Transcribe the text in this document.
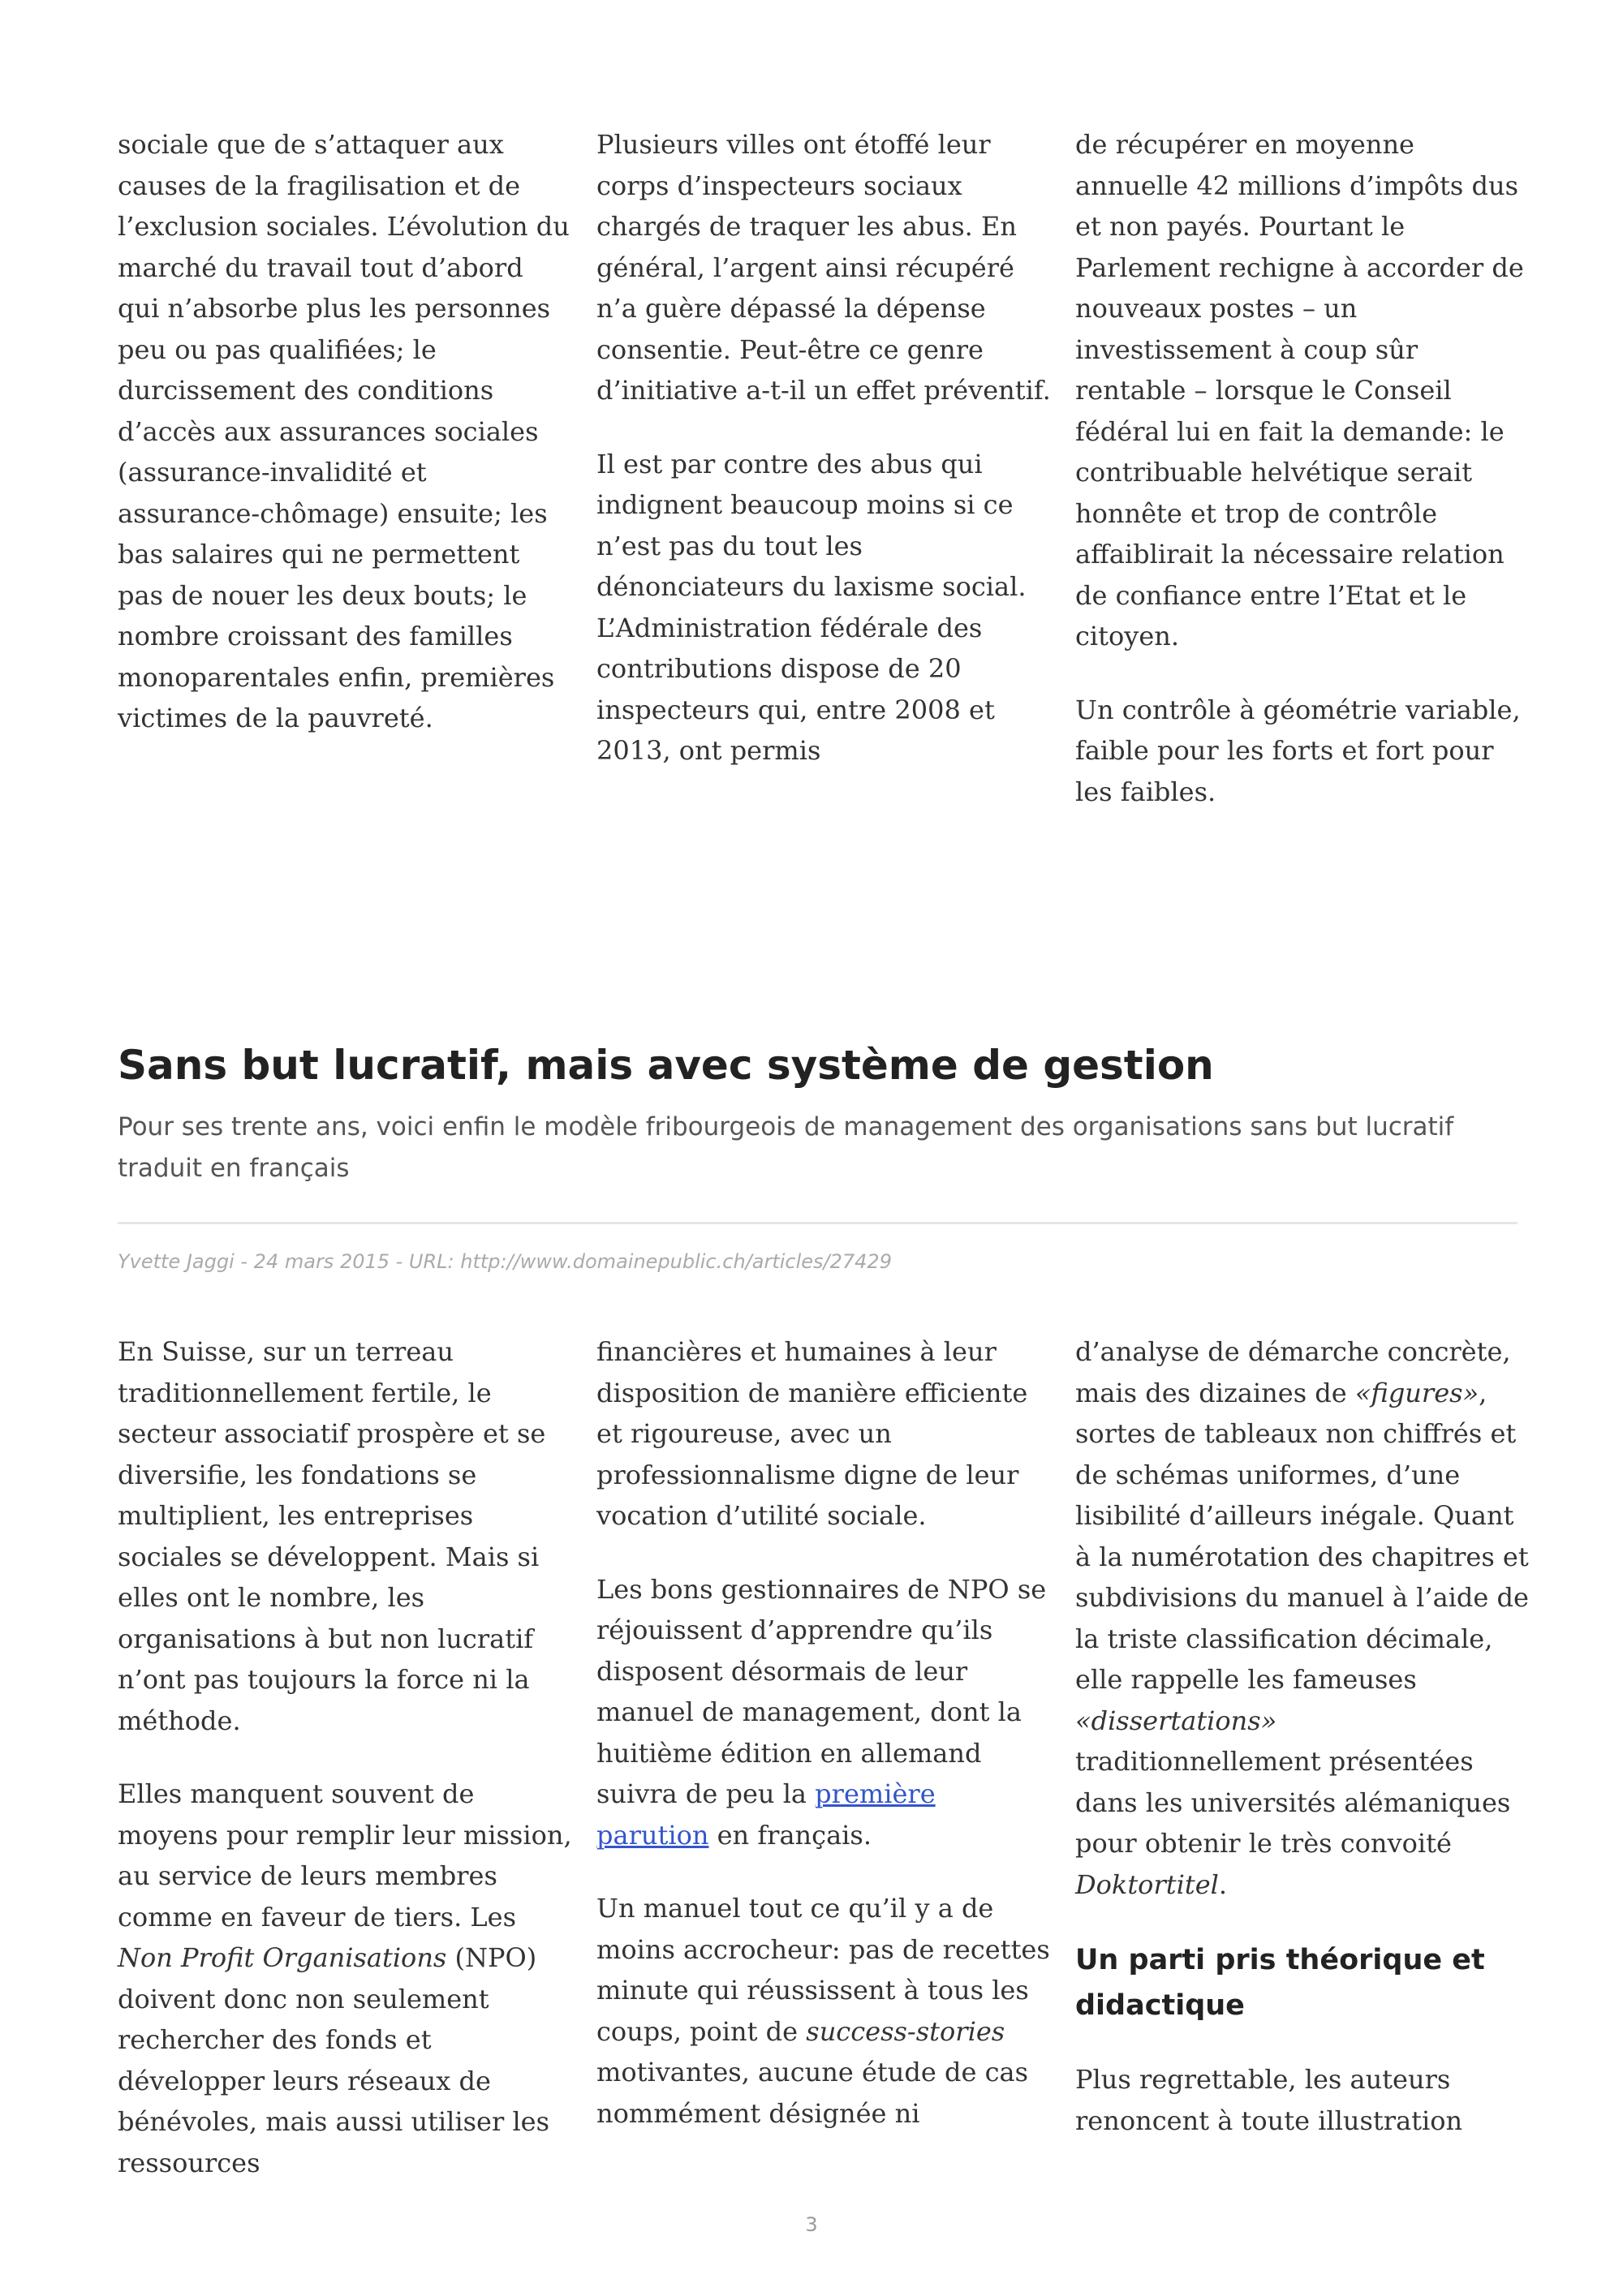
sociale que de s’attaquer aux causes de la fragilisation et de l’exclusion sociales. L’évolution du marché du travail tout d’abord qui n’absorbe plus les personnes peu ou pas qualifiées; le durcissement des conditions d’accès aux assurances sociales (assurance-invalidité et assurance-chômage) ensuite; les bas salaires qui ne permettent pas de nouer les deux bouts; le nombre croissant des familles monoparentales enfin, premières victimes de la pauvreté.

Plusieurs villes ont étoffé leur corps d’inspecteurs sociaux chargés de traquer les abus. En général, l’argent ainsi récupéré n’a guère dépassé la dépense consentie. Peut-être ce genre d’initiative a-t-il un effet préventif.

Il est par contre des abus qui indignent beaucoup moins si ce n’est pas du tout les dénonciateurs du laxisme social. L’Administration fédérale des contributions dispose de 20 inspecteurs qui, entre 2008 et 2013, ont permis

de récupérer en moyenne annuelle 42 millions d’impôts dus et non payés. Pourtant le Parlement rechigne à accorder de nouveaux postes – un investissement à coup sûr rentable – lorsque le Conseil fédéral lui en fait la demande: le contribuable helvétique serait honnête et trop de contrôle affaiblirait la nécessaire relation de confiance entre l’Etat et le citoyen.

Un contrôle à géométrie variable, faible pour les forts et fort pour les faibles.

Sans but lucratif, mais avec système de gestion

Pour ses trente ans, voici enfin le modèle fribourgeois de management des organisations sans but lucratif traduit en français

Yvette Jaggi - 24 mars 2015 - URL: http://www.domainepublic.ch/articles/27429

En Suisse, sur un terreau traditionnellement fertile, le secteur associatif prospère et se diversifie, les fondations se multiplient, les entreprises sociales se développent. Mais si elles ont le nombre, les organisations à but non lucratif n’ont pas toujours la force ni la méthode.

Elles manquent souvent de moyens pour remplir leur mission, au service de leurs membres comme en faveur de tiers. Les Non Profit Organisations (NPO) doivent donc non seulement rechercher des fonds et développer leurs réseaux de bénévoles, mais aussi utiliser les ressources

financières et humaines à leur disposition de manière efficiente et rigoureuse, avec un professionnalisme digne de leur vocation d’utilité sociale.

Les bons gestionnaires de NPO se réjouissent d’apprendre qu’ils disposent désormais de leur manuel de management, dont la huitième édition en allemand suivra de peu la première parution en français.

Un manuel tout ce qu’il y a de moins accrocheur: pas de recettes minute qui réussissent à tous les coups, point de success-stories motivantes, aucune étude de cas nommément désignée ni

d’analyse de démarche concrète, mais des dizaines de «figures», sortes de tableaux non chiffrés et de schémas uniformes, d’une lisibilité d’ailleurs inégale. Quant à la numérotation des chapitres et subdivisions du manuel à l’aide de la triste classification décimale, elle rappelle les fameuses «dissertations» traditionnellement présentées dans les universités alémaniques pour obtenir le très convoité Doktortitel.

Un parti pris théorique et didactique

Plus regrettable, les auteurs renoncent à toute illustration

3
